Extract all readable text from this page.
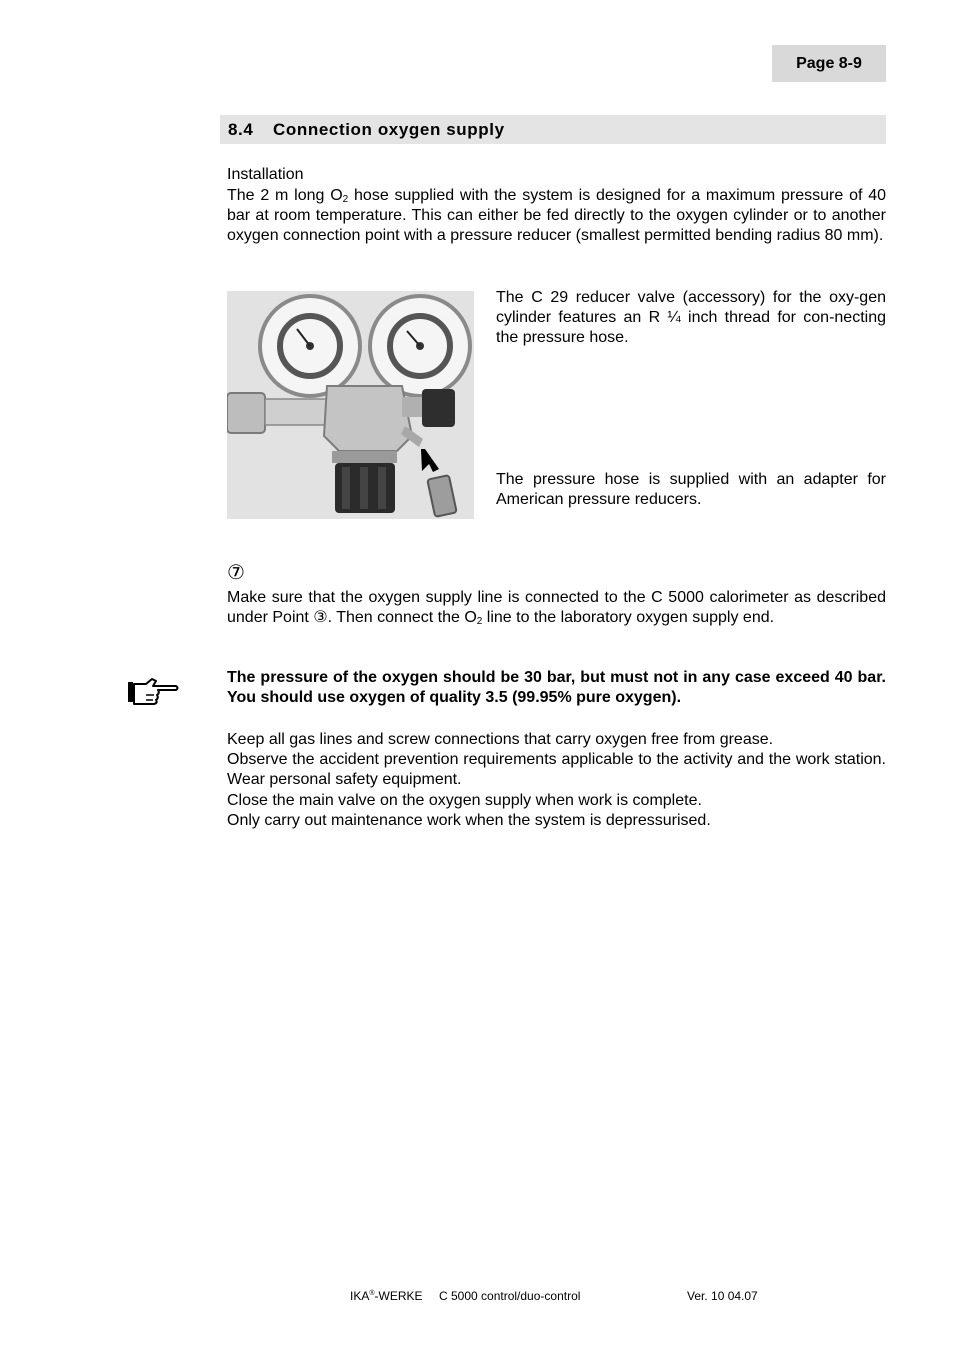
Page 8-9
8.4	Connection oxygen supply
Installation
The 2 m long $O_2$ hose supplied with the system is designed for a maximum pressure of 40 bar at room temperature. This can either be fed directly to the oxygen cylinder or to another oxygen connection point with a pressure reducer (smallest permitted bending radius 80 mm).
The C 29 reducer valve (accessory) for the oxy-gen cylinder features an R ¼ inch thread for con-necting the pressure hose.
The pressure hose is supplied with an adapter for American pressure reducers.
⑦
Make sure that the oxygen supply line is connected to the C 5000 calorimeter as described under Point ③. Then connect the $O_2$ line to the laboratory oxygen supply end.
The pressure of the oxygen should be 30 bar, but must not in any case exceed 40 bar. You should use oxygen of quality 3.5 (99.95% pure oxygen).
Keep all gas lines and screw connections that carry oxygen free from grease.
Observe the accident prevention requirements applicable to the activity and the work station. Wear personal safety equipment.
Close the main valve on the oxygen supply when work is complete.
Only carry out maintenance work when the system is depressurised.
IKA®-WERKE C 5000 control/duo-control	Ver. 10 04.07
